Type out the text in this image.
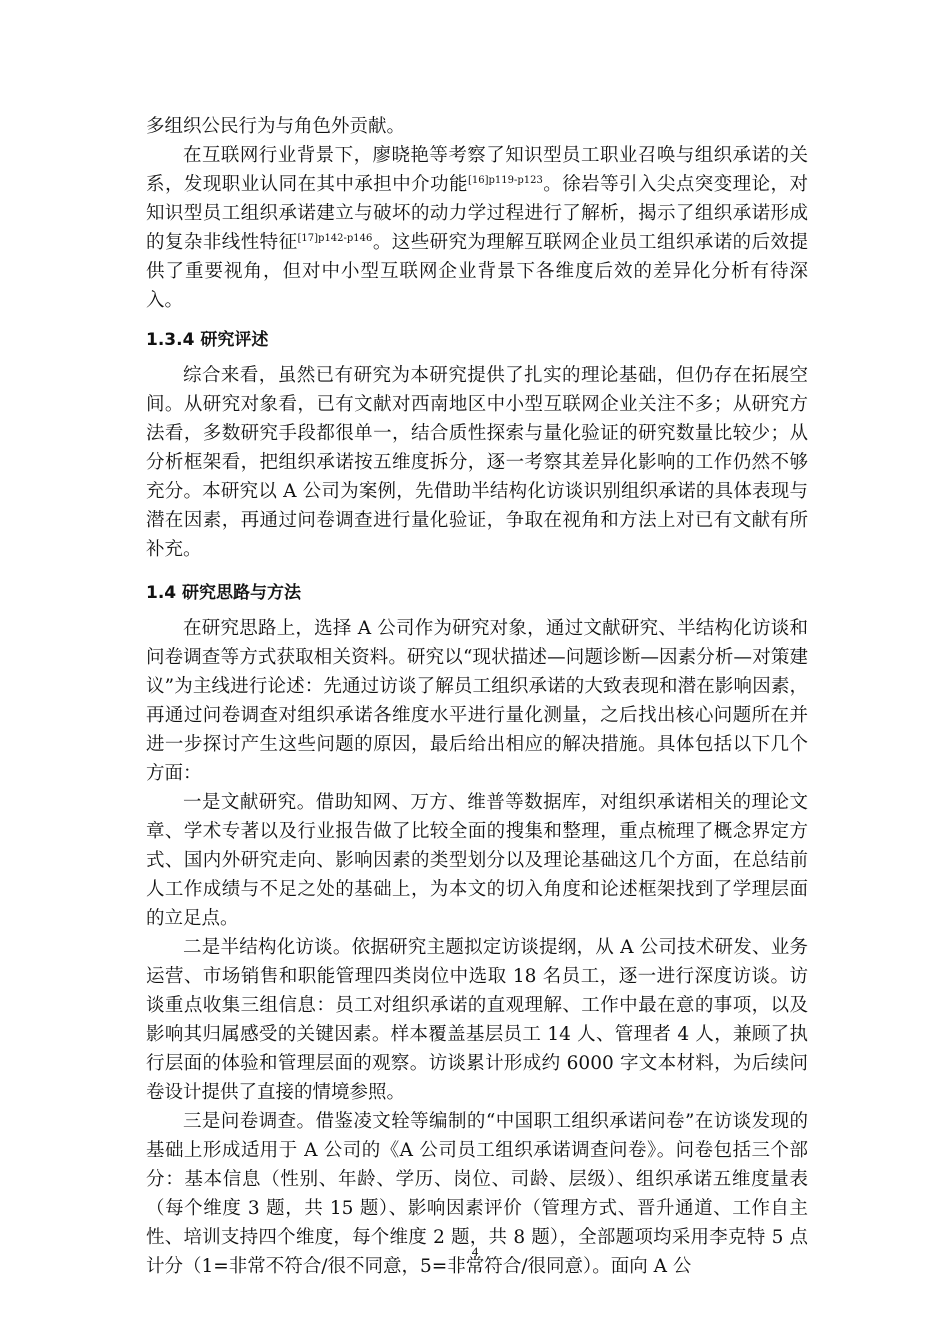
多组织公民行为与角色外贡献。

在互联网行业背景下，廖晓艳等考察了知识型员工职业召唤与组织承诺的关系，发现职业认同在其中承担中介功能$^{[16]p119-p123}$。徐岩等引入尖点突变理论，对知识型员工组织承诺建立与破坏的动力学过程进行了解析，揭示了组织承诺形成的复杂非线性特征$^{[17]p142-p146}$。这些研究为理解互联网企业员工组织承诺的后效提供了重要视角，但对中小型互联网企业背景下各维度后效的差异化分析有待深入。

1.3.4 研究评述

综合来看，虽然已有研究为本研究提供了扎实的理论基础，但仍存在拓展空间。从研究对象看，已有文献对西南地区中小型互联网企业关注不多；从研究方法看，多数研究手段都很单一，结合质性探索与量化验证的研究数量比较少；从分析框架看，把组织承诺按五维度拆分，逐一考察其差异化影响的工作仍然不够充分。本研究以 A 公司为案例，先借助半结构化访谈识别组织承诺的具体表现与潜在因素，再通过问卷调查进行量化验证，争取在视角和方法上对已有文献有所补充。

1.4 研究思路与方法

在研究思路上，选择 A 公司作为研究对象，通过文献研究、半结构化访谈和问卷调查等方式获取相关资料。研究以“现状描述—问题诊断—因素分析—对策建议”为主线进行论述：先通过访谈了解员工组织承诺的大致表现和潜在影响因素，再通过问卷调查对组织承诺各维度水平进行量化测量，之后找出核心问题所在并进一步探讨产生这些问题的原因，最后给出相应的解决措施。具体包括以下几个方面：

一是文献研究。借助知网、万方、维普等数据库，对组织承诺相关的理论文章、学术专著以及行业报告做了比较全面的搜集和整理，重点梳理了概念界定方式、国内外研究走向、影响因素的类型划分以及理论基础这几个方面，在总结前人工作成绩与不足之处的基础上，为本文的切入角度和论述框架找到了学理层面的立足点。

二是半结构化访谈。依据研究主题拟定访谈提纲，从 A 公司技术研发、业务运营、市场销售和职能管理四类岗位中选取 18 名员工，逐一进行深度访谈。访谈重点收集三组信息：员工对组织承诺的直观理解、工作中最在意的事项，以及影响其归属感受的关键因素。样本覆盖基层员工 14 人、管理者 4 人，兼顾了执行层面的体验和管理层面的观察。访谈累计形成约 6000 字文本材料，为后续问卷设计提供了直接的情境参照。

三是问卷调查。借鉴凌文辁等编制的“中国职工组织承诺问卷”在访谈发现的基础上形成适用于 A 公司的《A 公司员工组织承诺调查问卷》。问卷包括三个部分：基本信息（性别、年龄、学历、岗位、司龄、层级）、组织承诺五维度量表（每个维度 3 题，共 15 题）、影响因素评价（管理方式、晋升通道、工作自主性、培训支持四个维度，每个维度 2 题，共 8 题），全部题项均采用李克特 5 点计分（1=非常不符合/很不同意，5=非常符合/很同意）。面向 A 公

4
